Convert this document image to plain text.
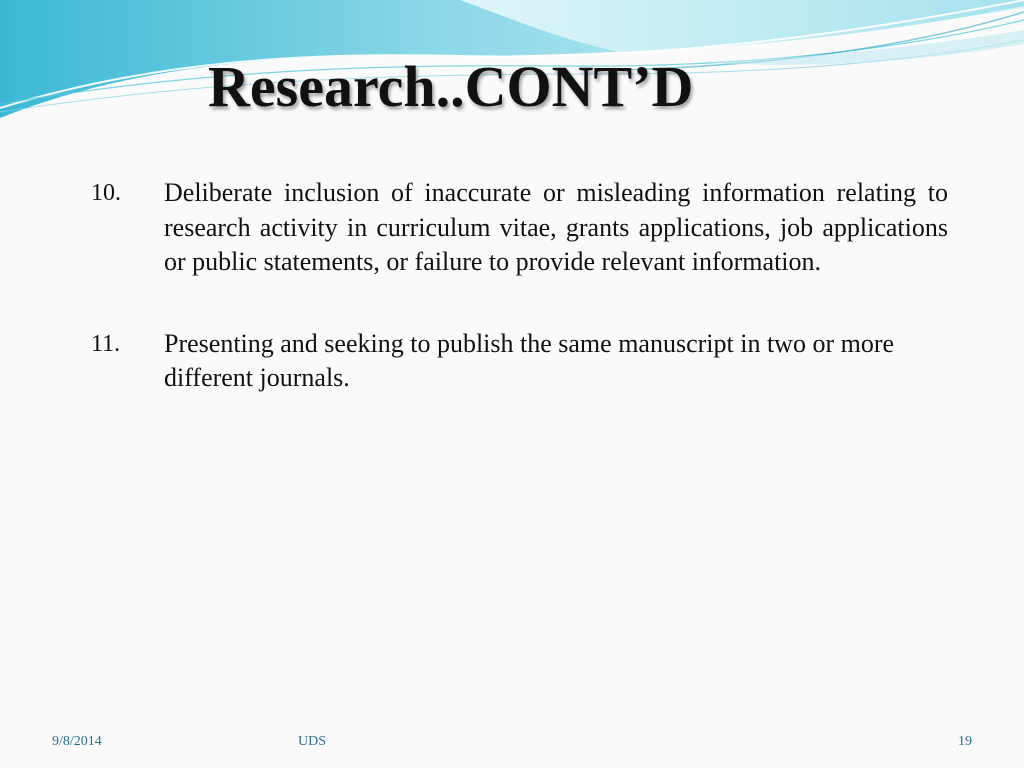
Research..CONT’D
10. Deliberate inclusion of inaccurate or misleading information relating to research activity in curriculum vitae, grants applications, job applications or public statements, or failure to provide relevant information.
11. Presenting and seeking to publish the same manuscript in two or more different journals.
9/8/2014	UDS	19
